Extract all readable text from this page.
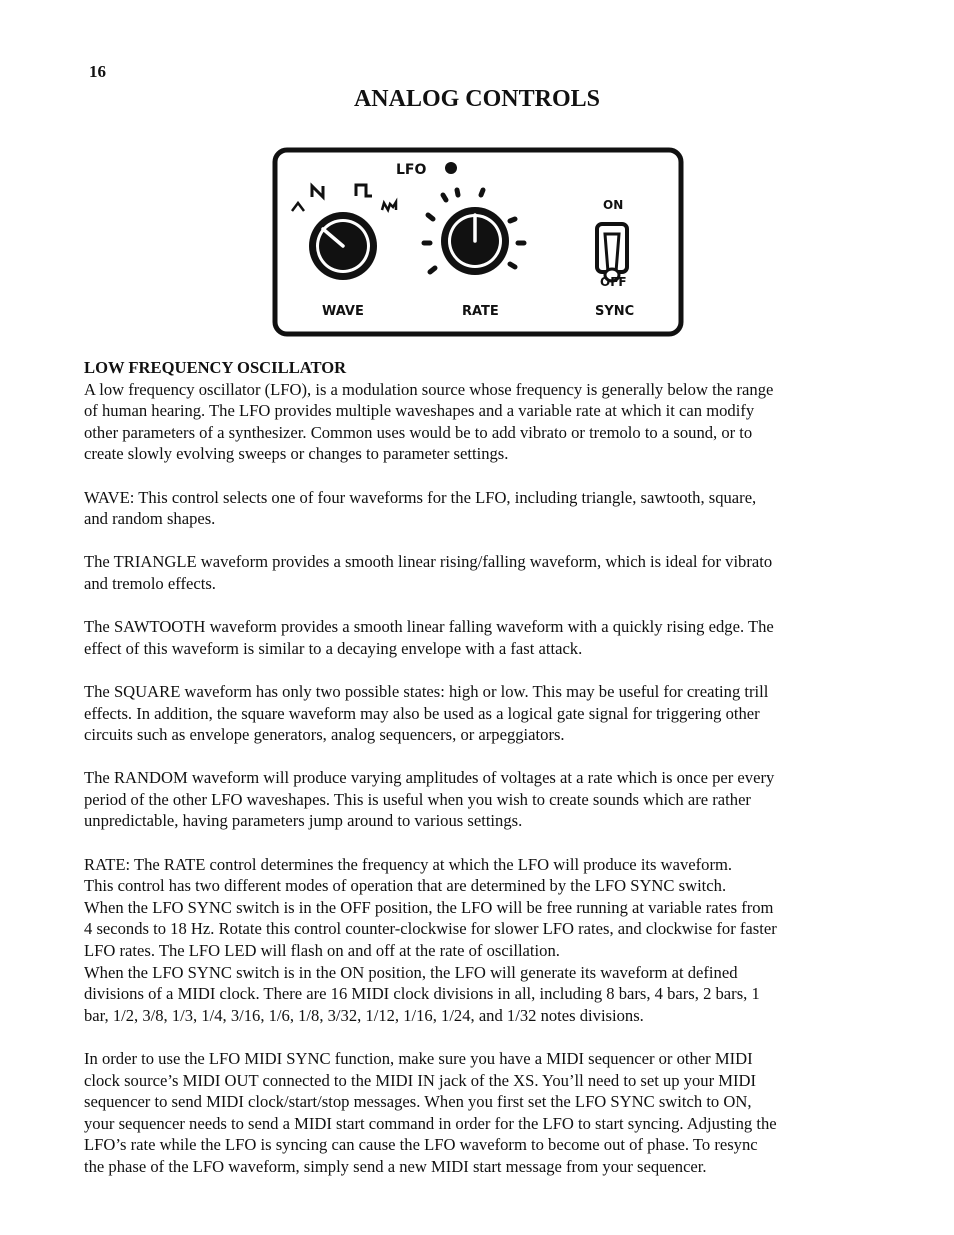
16
ANALOG CONTROLS
LFO
ON
OFF
WAVE	RATE	SYNC
LOW FREQUENCY OSCILLATOR
A low frequency oscillator (LFO), is a modulation source whose frequency is generally below the range
of human hearing. The LFO provides multiple waveshapes and a variable rate at which it can modify
other parameters of a synthesizer. Common uses would be to add vibrato or tremolo to a sound, or to
create slowly evolving sweeps or changes to parameter settings.
WAVE: This control selects one of four waveforms for the LFO, including triangle, sawtooth, square,
and random shapes.
The TRIANGLE waveform provides a smooth linear rising/falling waveform, which is ideal for vibrato
and tremolo effects.
The SAWTOOTH waveform provides a smooth linear falling waveform with a quickly rising edge. The
effect of this waveform is similar to a decaying envelope with a fast attack.
The SQUARE waveform has only two possible states: high or low. This may be useful for creating trill
effects. In addition, the square waveform may also be used as a logical gate signal for triggering other
circuits such as envelope generators, analog sequencers, or arpeggiators.
The RANDOM waveform will produce varying amplitudes of voltages at a rate which is once per every
period of the other LFO waveshapes. This is useful when you wish to create sounds which are rather
unpredictable, having parameters jump around to various settings.
RATE: The RATE control determines the frequency at which the LFO will produce its waveform.
This control has two different modes of operation that are determined by the LFO SYNC switch.
When the LFO SYNC switch is in the OFF position, the LFO will be free running at variable rates from
4 seconds to 18 Hz. Rotate this control counter-clockwise for slower LFO rates, and clockwise for faster
LFO rates. The LFO LED will flash on and off at the rate of oscillation.
When the LFO SYNC switch is in the ON position, the LFO will generate its waveform at defined
divisions of a MIDI clock. There are 16 MIDI clock divisions in all, including 8 bars, 4 bars, 2 bars, 1
bar, 1/2, 3/8, 1/3, 1/4, 3/16, 1/6, 1/8, 3/32, 1/12, 1/16, 1/24, and 1/32 notes divisions.
In order to use the LFO MIDI SYNC function, make sure you have a MIDI sequencer or other MIDI
clock source’s MIDI OUT connected to the MIDI IN jack of the XS. You’ll need to set up your MIDI
sequencer to send MIDI clock/start/stop messages. When you first set the LFO SYNC switch to ON,
your sequencer needs to send a MIDI start command in order for the LFO to start syncing. Adjusting the
LFO’s rate while the LFO is syncing can cause the LFO waveform to become out of phase. To resync
the phase of the LFO waveform, simply send a new MIDI start message from your sequencer.
